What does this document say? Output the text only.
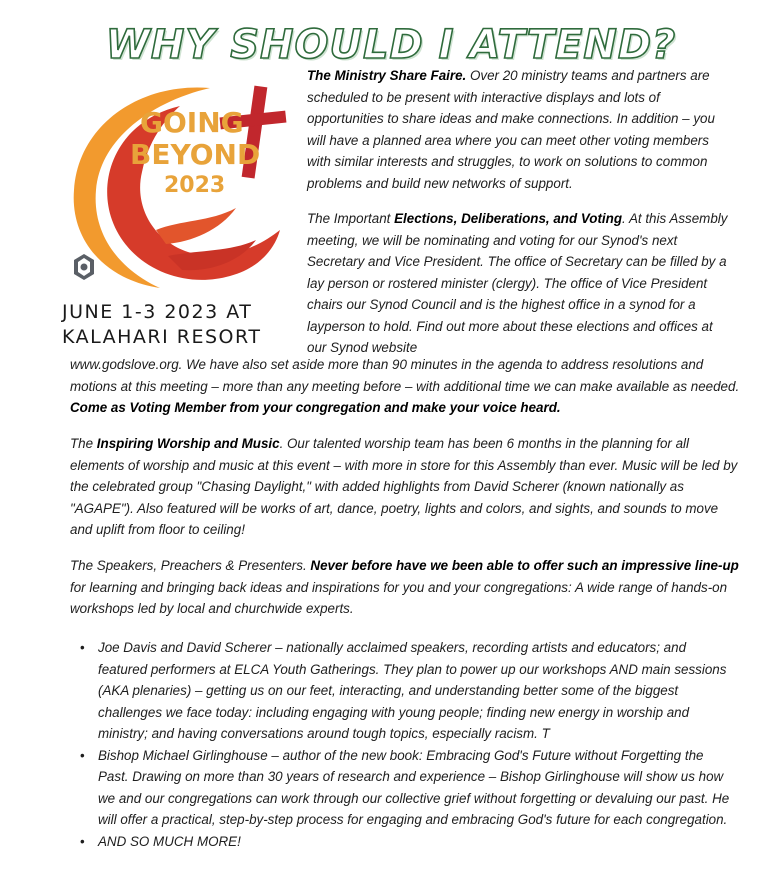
WHY SHOULD I ATTEND?
GOING
BEYOND
2023
JUNE 1-3 2023 AT
KALAHARI RESORT
The Ministry Share Faire. Over 20 ministry teams and partners are scheduled to be present with interactive displays and lots of opportunities to share ideas and make connections. In addition – you will have a planned area where you can meet other voting members with similar interests and struggles, to work on solutions to common problems and build new networks of support.
The Important Elections, Deliberations, and Voting. At this Assembly meeting, we will be nominating and voting for our Synod's next Secretary and Vice President. The office of Secretary can be filled by a lay person or rostered minister (clergy). The office of Vice President chairs our Synod Council and is the highest office in a synod for a layperson to hold. Find out more about these elections and offices at our Synod website
www.godslove.org. We have also set aside more than 90 minutes in the agenda to address resolutions and motions at this meeting – more than any meeting before – with additional time we can make available as needed. Come as Voting Member from your congregation and make your voice heard.
The Inspiring Worship and Music. Our talented worship team has been 6 months in the planning for all elements of worship and music at this event – with more in store for this Assembly than ever. Music will be led by the celebrated group "Chasing Daylight," with added highlights from David Scherer (known nationally as "AGAPE"). Also featured will be works of art, dance, poetry, lights and colors, and sights, and sounds to move and uplift from floor to ceiling!
The Speakers, Preachers & Presenters. Never before have we been able to offer such an impressive line-up for learning and bringing back ideas and inspirations for you and your congregations: A wide range of hands-on workshops led by local and churchwide experts.
• Joe Davis and David Scherer – nationally acclaimed speakers, recording artists and educators; and featured performers at ELCA Youth Gatherings. They plan to power up our workshops AND main sessions (AKA plenaries) – getting us on our feet, interacting, and understanding better some of the biggest challenges we face today: including engaging with young people; finding new energy in worship and ministry; and having conversations around tough topics, especially racism. T
• Bishop Michael Girlinghouse – author of the new book: Embracing God's Future without Forgetting the Past. Drawing on more than 30 years of research and experience – Bishop Girlinghouse will show us how we and our congregations can work through our collective grief without forgetting or devaluing our past. He will offer a practical, step-by-step process for engaging and embracing God's future for each congregation.
• AND SO MUCH MORE!
